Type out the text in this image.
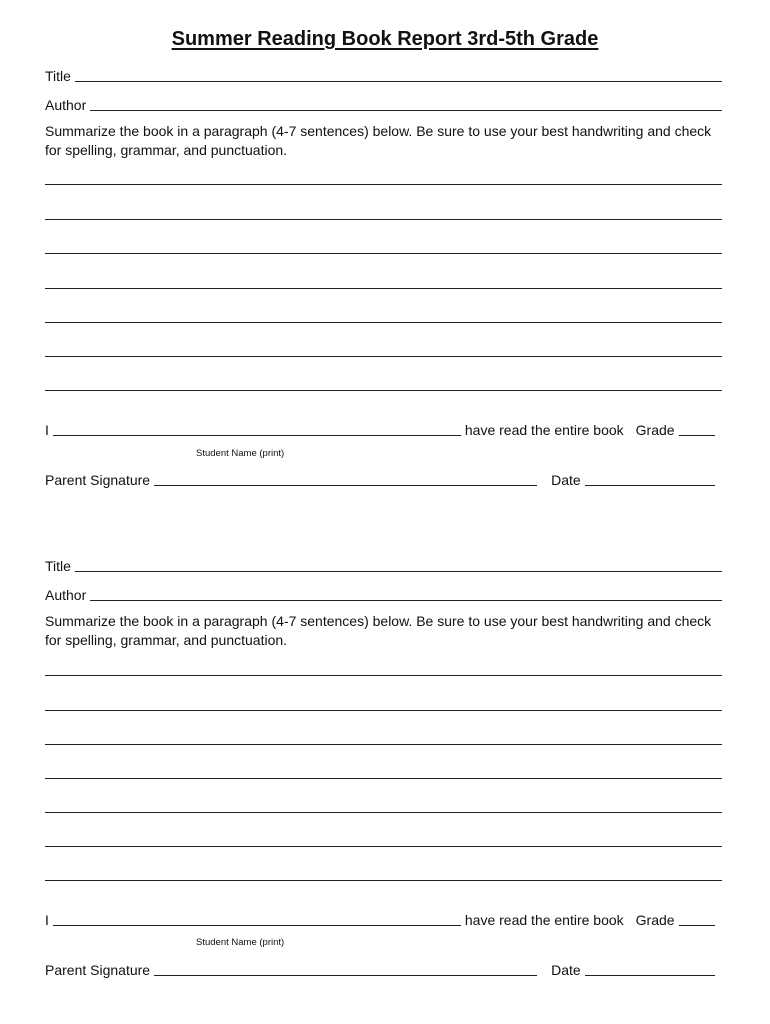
Summer Reading Book Report 3rd-5th Grade
Title
Author

Summarize the book in a paragraph (4-7 sentences) below. Be sure to use your best handwriting and check for spelling, grammar, and punctuation.

I	have read the entire book Grade
Student Name (print)
Parent Signature	Date
Title
Author

Summarize the book in a paragraph (4-7 sentences) below. Be sure to use your best handwriting and check for spelling, grammar, and punctuation.

I	have read the entire book Grade
Student Name (print)
Parent Signature	Date
